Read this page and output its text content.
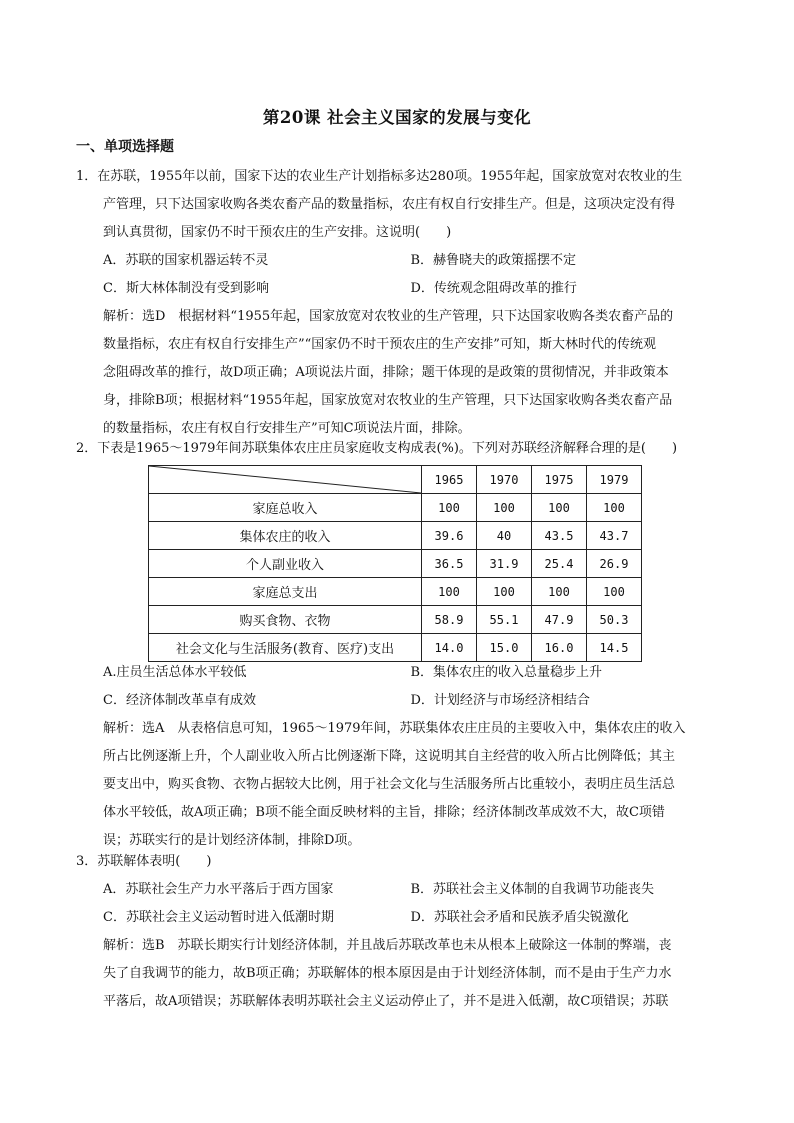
第20课 社会主义国家的发展与变化
一、单项选择题
1．在苏联，1955年以前，国家下达的农业生产计划指标多达280项。1955年起，国家放宽对农牧业的生
产管理，只下达国家收购各类农畜产品的数量指标，农庄有权自行安排生产。但是，这项决定没有得
到认真贯彻，国家仍不时干预农庄的生产安排。这说明(　　)
A．苏联的国家机器运转不灵	B．赫鲁晓夫的政策摇摆不定
C．斯大林体制没有受到影响	D．传统观念阻碍改革的推行
解析：选D　根据材料“1955年起，国家放宽对农牧业的生产管理，只下达国家收购各类农畜产品的
数量指标，农庄有权自行安排生产”“国家仍不时干预农庄的生产安排”可知，斯大林时代的传统观
念阻碍改革的推行，故D项正确；A项说法片面，排除；题干体现的是政策的贯彻情况，并非政策本
身，排除B项；根据材料“1955年起，国家放宽对农牧业的生产管理，只下达国家收购各类农畜产品
的数量指标，农庄有权自行安排生产”可知C项说法片面，排除。
2．下表是1965～1979年间苏联集体农庄庄员家庭收支构成表(%)。下列对苏联经济解释合理的是(　　)
	1965	1970	1975	1979
家庭总收入	100	100	100	100
集体农庄的收入	39.6	40	43.5	43.7
个人副业收入	36.5	31.9	25.4	26.9
家庭总支出	100	100	100	100
购买食物、衣物	58.9	55.1	47.9	50.3
社会文化与生活服务(教育、医疗)支出	14.0	15.0	16.0	14.5
A.庄员生活总体水平较低	B．集体农庄的收入总量稳步上升
C．经济体制改革卓有成效	D．计划经济与市场经济相结合
解析：选A　从表格信息可知，1965～1979年间，苏联集体农庄庄员的主要收入中，集体农庄的收入
所占比例逐渐上升，个人副业收入所占比例逐渐下降，这说明其自主经营的收入所占比例降低；其主
要支出中，购买食物、衣物占据较大比例，用于社会文化与生活服务所占比重较小，表明庄员生活总
体水平较低，故A项正确；B项不能全面反映材料的主旨，排除；经济体制改革成效不大，故C项错
误；苏联实行的是计划经济体制，排除D项。
3．苏联解体表明(　　)
A．苏联社会生产力水平落后于西方国家	B．苏联社会主义体制的自我调节功能丧失
C．苏联社会主义运动暂时进入低潮时期	D．苏联社会矛盾和民族矛盾尖锐激化
解析：选B　苏联长期实行计划经济体制，并且战后苏联改革也未从根本上破除这一体制的弊端，丧
失了自我调节的能力，故B项正确；苏联解体的根本原因是由于计划经济体制，而不是由于生产力水
平落后，故A项错误；苏联解体表明苏联社会主义运动停止了，并不是进入低潮，故C项错误；苏联
